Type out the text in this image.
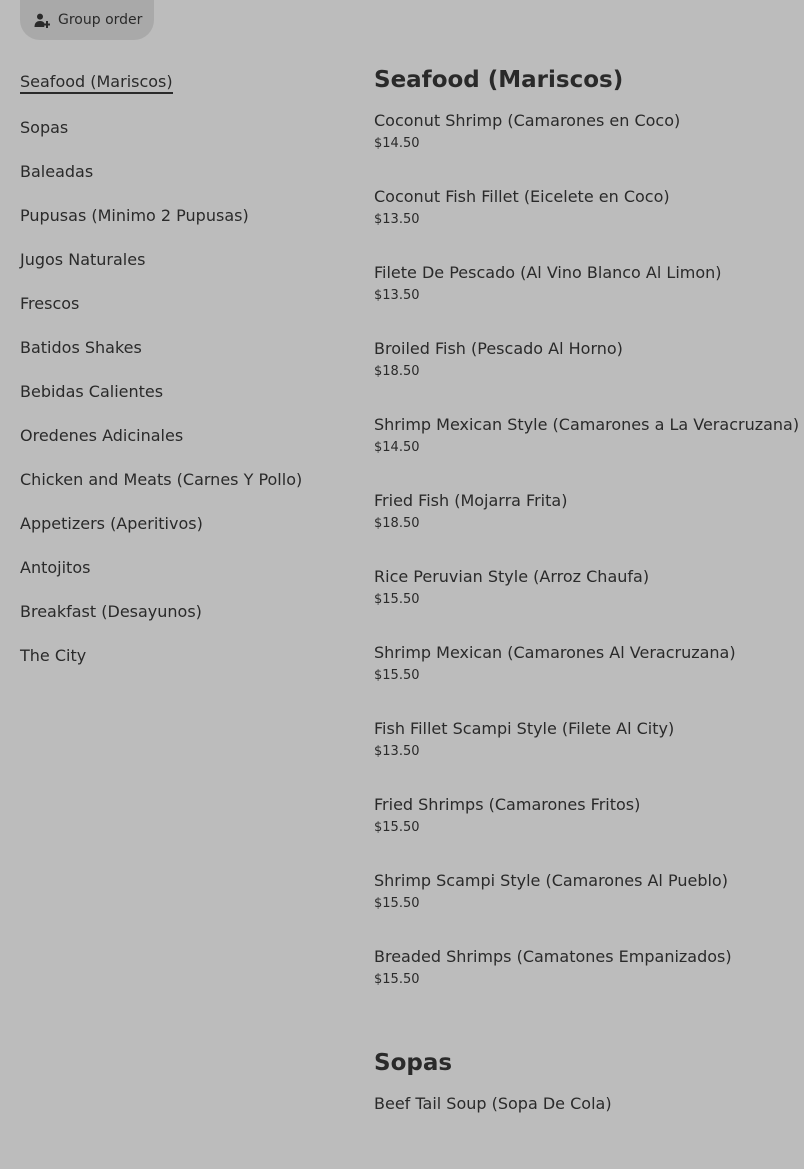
Group order
Seafood (Mariscos)
Sopas
Baleadas
Pupusas (Minimo 2 Pupusas)
Jugos Naturales
Frescos
Batidos Shakes
Bebidas Calientes
Oredenes Adicinales
Chicken and Meats (Carnes Y Pollo)
Appetizers (Aperitivos)
Antojitos
Breakfast (Desayunos)
The City
Seafood (Mariscos)
Coconut Shrimp (Camarones en Coco)
$14.50
Coconut Fish Fillet (Eicelete en Coco)
$13.50
Filete De Pescado (Al Vino Blanco Al Limon)
$13.50
Broiled Fish (Pescado Al Horno)
$18.50
Shrimp Mexican Style (Camarones a La Veracruzana)
$14.50
Fried Fish (Mojarra Frita)
$18.50
Rice Peruvian Style (Arroz Chaufa)
$15.50
Shrimp Mexican (Camarones Al Veracruzana)
$15.50
Fish Fillet Scampi Style (Filete Al City)
$13.50
Fried Shrimps (Camarones Fritos)
$15.50
Shrimp Scampi Style (Camarones Al Pueblo)
$15.50
Breaded Shrimps (Camatones Empanizados)
$15.50
Sopas
Beef Tail Soup (Sopa De Cola)
